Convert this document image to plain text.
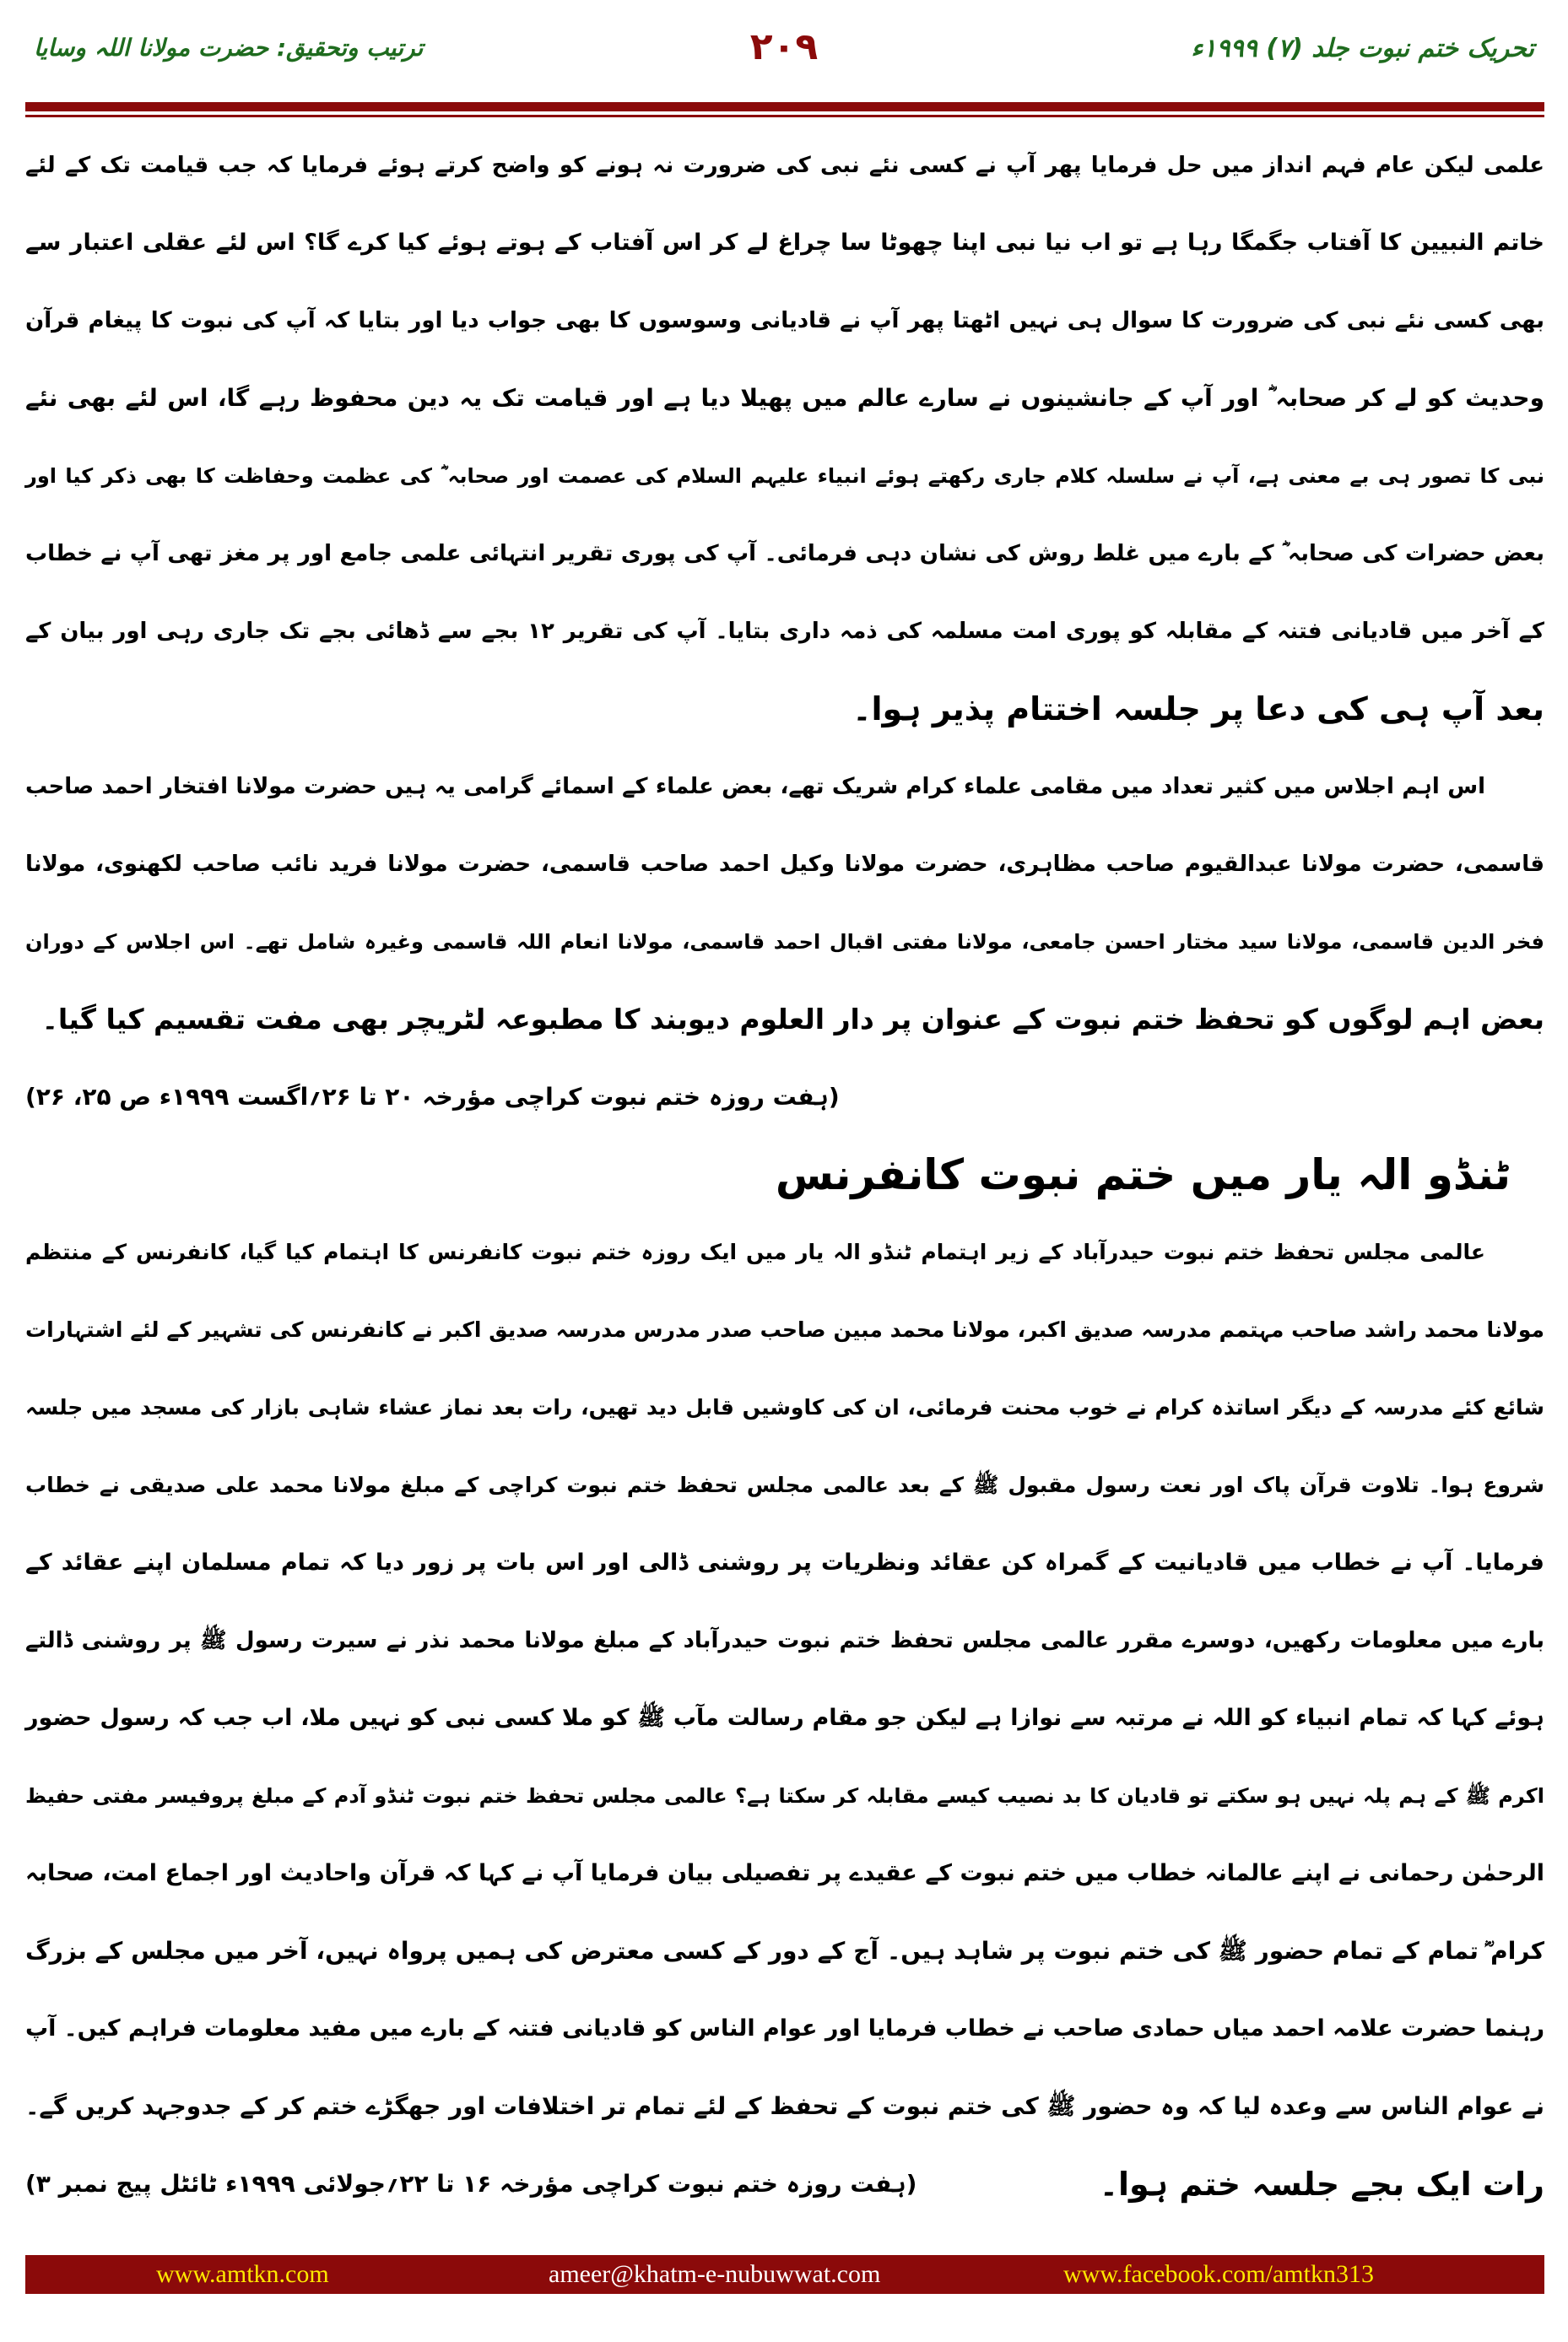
تحریک ختم نبوت جلد (۷) ۱۹۹۹ء
۲۰۹
ترتیب وتحقیق: حضرت مولانا اللہ وسایا
علمی لیکن عام فہم انداز میں حل فرمایا پھر آپ نے کسی نئے نبی کی ضرورت نہ ہونے کو واضح کرتے ہوئے فرمایا کہ جب قیامت تک کے لئے
خاتم النبیین کا آفتاب جگمگا رہا ہے تو اب نیا نبی اپنا چھوٹا سا چراغ لے کر اس آفتاب کے ہوتے ہوئے کیا کرے گا؟ اس لئے عقلی اعتبار سے
بھی کسی نئے نبی کی ضرورت کا سوال ہی نہیں اٹھتا پھر آپ نے قادیانی وسوسوں کا بھی جواب دیا اور بتایا کہ آپ کی نبوت کا پیغام قرآن
وحدیث کو لے کر صحابہ ؓ اور آپ کے جانشینوں نے سارے عالم میں پھیلا دیا ہے اور قیامت تک یہ دین محفوظ رہے گا، اس لئے بھی نئے
نبی کا تصور ہی بے معنی ہے، آپ نے سلسلہ کلام جاری رکھتے ہوئے انبیاء علیہم السلام کی عصمت اور صحابہ ؓ کی عظمت وحفاظت کا بھی ذکر کیا اور
بعض حضرات کی صحابہ ؓ کے بارے میں غلط روش کی نشان دہی فرمائی۔ آپ کی پوری تقریر انتہائی علمی جامع اور پر مغز تھی آپ نے خطاب
کے آخر میں قادیانی فتنہ کے مقابلہ کو پوری امت مسلمہ کی ذمہ داری بتایا۔ آپ کی تقریر ۱۲ بجے سے ڈھائی بجے تک جاری رہی اور بیان کے
بعد آپ ہی کی دعا پر جلسہ اختتام پذیر ہوا۔
اس اہم اجلاس میں کثیر تعداد میں مقامی علماء کرام شریک تھے، بعض علماء کے اسمائے گرامی یہ ہیں حضرت مولانا افتخار احمد صاحب
قاسمی، حضرت مولانا عبدالقیوم صاحب مظاہری، حضرت مولانا وکیل احمد صاحب قاسمی، حضرت مولانا فرید نائب صاحب لکھنوی، مولانا
فخر الدین قاسمی، مولانا سید مختار احسن جامعی، مولانا مفتی اقبال احمد قاسمی، مولانا انعام اللہ قاسمی وغیرہ شامل تھے۔ اس اجلاس کے دوران
بعض اہم لوگوں کو تحفظ ختم نبوت کے عنوان پر دار العلوم دیوبند کا مطبوعہ لٹریچر بھی مفت تقسیم کیا گیا۔
(ہفت روزہ ختم نبوت کراچی مؤرخہ ۲۰ تا ۲۶؍اگست ۱۹۹۹ء ص ۲۵، ۲۶)
ٹنڈو الہ یار میں ختم نبوت کانفرنس
عالمی مجلس تحفظ ختم نبوت حیدرآباد کے زیر اہتمام ٹنڈو الہ یار میں ایک روزہ ختم نبوت کانفرنس کا اہتمام کیا گیا، کانفرنس کے منتظم
مولانا محمد راشد صاحب مہتمم مدرسہ صدیق اکبر، مولانا محمد مبین صاحب صدر مدرس مدرسہ صدیق اکبر نے کانفرنس کی تشہیر کے لئے اشتہارات
شائع کئے مدرسہ کے دیگر اساتذہ کرام نے خوب محنت فرمائی، ان کی کاوشیں قابل دید تھیں، رات بعد نماز عشاء شاہی بازار کی مسجد میں جلسہ
شروع ہوا۔ تلاوت قرآن پاک اور نعت رسول مقبول ﷺ کے بعد عالمی مجلس تحفظ ختم نبوت کراچی کے مبلغ مولانا محمد علی صدیقی نے خطاب
فرمایا۔ آپ نے خطاب میں قادیانیت کے گمراہ کن عقائد ونظریات پر روشنی ڈالی اور اس بات پر زور دیا کہ تمام مسلمان اپنے عقائد کے
بارے میں معلومات رکھیں، دوسرے مقرر عالمی مجلس تحفظ ختم نبوت حیدرآباد کے مبلغ مولانا محمد نذر نے سیرت رسول ﷺ پر روشنی ڈالتے
ہوئے کہا کہ تمام انبیاء کو اللہ نے مرتبہ سے نوازا ہے لیکن جو مقام رسالت مآب ﷺ کو ملا کسی نبی کو نہیں ملا، اب جب کہ رسول حضور
اکرم ﷺ کے ہم پلہ نہیں ہو سکتے تو قادیان کا بد نصیب کیسے مقابلہ کر سکتا ہے؟ عالمی مجلس تحفظ ختم نبوت ٹنڈو آدم کے مبلغ پروفیسر مفتی حفیظ
الرحمٰن رحمانی نے اپنے عالمانہ خطاب میں ختم نبوت کے عقیدے پر تفصیلی بیان فرمایا آپ نے کہا کہ قرآن واحادیث اور اجماع امت، صحابہ
کرام ؓ تمام کے تمام حضور ﷺ کی ختم نبوت پر شاہد ہیں۔ آج کے دور کے کسی معترض کی ہمیں پرواہ نہیں، آخر میں مجلس کے بزرگ
رہنما حضرت علامہ احمد میاں حمادی صاحب نے خطاب فرمایا اور عوام الناس کو قادیانی فتنہ کے بارے میں مفید معلومات فراہم کیں۔ آپ
نے عوام الناس سے وعدہ لیا کہ وہ حضور ﷺ کی ختم نبوت کے تحفظ کے لئے تمام تر اختلافات اور جھگڑے ختم کر کے جدوجہد کریں گے۔
رات ایک بجے جلسہ ختم ہوا۔
(ہفت روزہ ختم نبوت کراچی مؤرخہ ۱۶ تا ۲۲؍جولائی ۱۹۹۹ء ٹائٹل پیج نمبر ۳)
www.amtkn.com	ameer@khatm-e-nubuwwat.com	www.facebook.com/amtkn313
